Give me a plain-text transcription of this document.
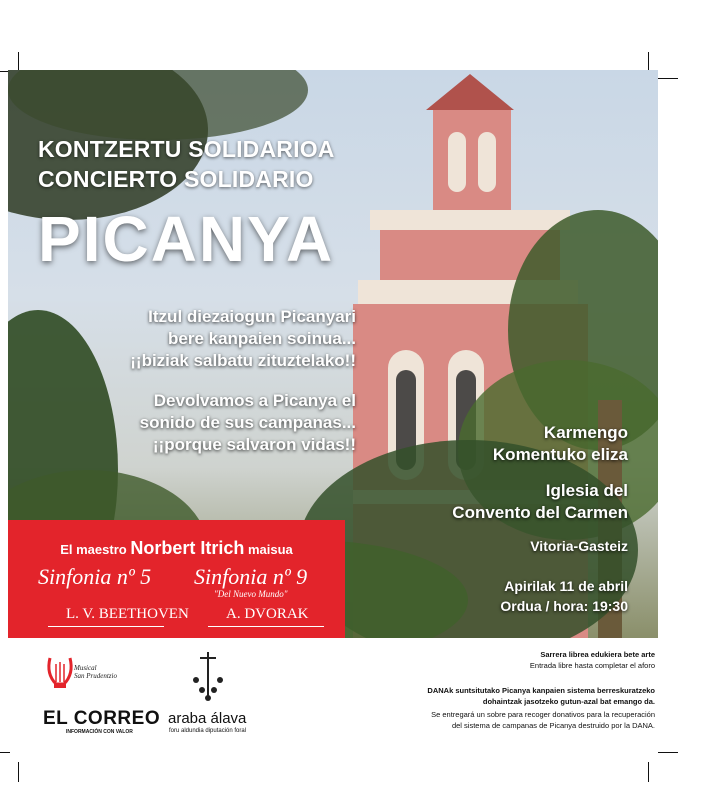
KONTZERTU SOLIDARIOA
CONCIERTO SOLIDARIO
PICANYA
Itzul diezaiogun Picanyari
bere kanpaien soinua...
¡¡biziak salbatu zituztelako!!
Devolvamos a Picanya el
sonido de sus campanas...
¡¡porque salvaron vidas!!
Karmengo
Komentuko eliza
Iglesia del
Convento del Carmen
Vitoria-Gasteiz
Apirilak 11 de abril
Ordua / hora: 19:30
El maestro Norbert Itrich maisua
Sinfonia nº 5 Sinfonia nº 9
"Del Nuevo Mundo"
L. V. BEETHOVEN A. DVORAK
Musical
San Prudentzio
EL CORREO
INFORMACIÓN CON VALOR
araba álava
foru aldundia diputación foral
Sarrera librea edukiera bete arte
Entrada libre hasta completar el aforo
DANAk suntsitutako Picanya kanpaien sistema berreskuratzeko
dohaintzak jasotzeko gutun-azal bat emango da.
Se entregará un sobre para recoger donativos para la recuperación
del sistema de campanas de Picanya destruido por la DANA.
